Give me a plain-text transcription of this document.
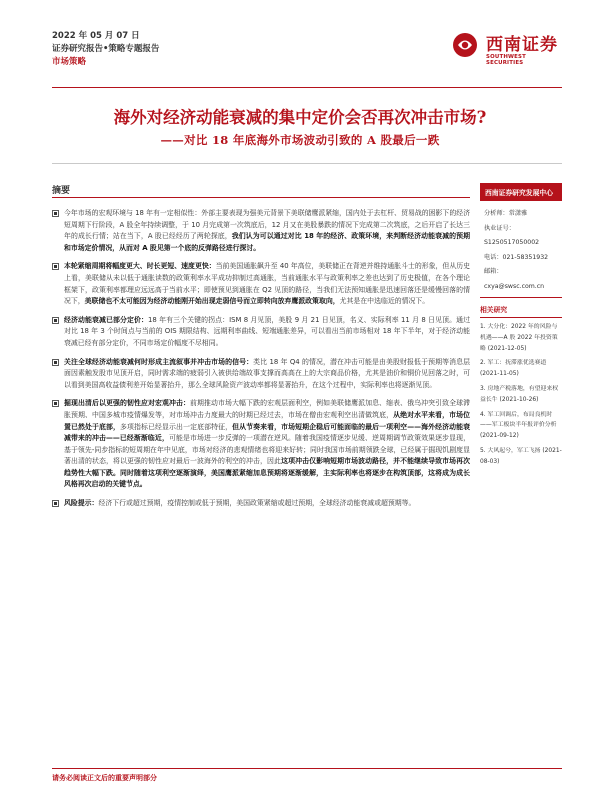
2022 年 05 月 07 日
证券研究报告•策略专题报告
市场策略
西南证券
SOUTHWEST SECURITIES
海外对经济动能衰减的集中定价会否再次冲击市场?
——对比 18 年底海外市场波动引致的 A 股最后一跌
摘要
今年市场的宏观环境与 18 年有一定相似性：外部主要表现为强美元背景下美联储鹰派紧缩，国内处于去杠杆、贸易战的困影下的经济短周期下行阶段，A 股全年持续调整，于 10 月完成第一次筑底后，12 月又在美股暴跌的情况下完成第二次筑底，之后开启了长达三年的成长行情；站在当下，A 股已经经历了两轮探底，我们认为可以通过对比 18 年的经济、政策环境，来判断经济动能衰减的预期和市场定价情况，从而对 A 股见第一个底的反弹路径进行探讨。
本轮紧缩周期将幅度更大、时长更短、速度更快：当前美国通胀飙升至 40 年高位，美联储正在背逆并维持通胀斗士的形象，但从历史上看，美联储从未以低于通胀读数的政策利率水平成功抑制过高通胀，当前通胀水平与政策利率之差也达到了历史极值，在各个理论框架下，政策利率都理应远远高于当前水平；即使预见到通胀在 Q2 见顶的路径，当我们无法预知通胀是迅速回落还是缓慢回落的情况下，美联储也不太可能因为经济动能刚开始出现走弱信号而立即转向放弃鹰派政策取向，尤其是在中选临近的情况下。
经济动能衰减已部分定价：18 年有三个关键的拐点：ISM 8 月见顶，美股 9 月 21 日见顶，名义、实际利率 11 月 8 日见顶。通过对比 18 年 3 个时间点与当前的 OIS 期限结构、远期利率曲线、短端通胀差异，可以看出当前市场相对 18 年下半年，对于经济动能衰减已经有部分定价，不同市场定价幅度不尽相同。
关注全球经济动能衰减何时形成主流叙事并冲击市场的信号：类比 18 年 Q4 的情况，潜在冲击可能是由美股财报低于预期等消息层面因素触发股市见顶开启，同时需求端的疲弱引入被供给端故事支撑而高高在上的大宗商品价格，尤其是油价和铜价见回落之时，可以看到美国高收益债利差开始显著抬升，那么全球风险资产波动率都将显著抬升，在这个过程中，实际利率也将逐渐见顶。
掘现出清后以更强的韧性应对宏观冲击：前期推动市场大幅下跌的宏观层面利空，例如美联储鹰派加息、缩表、俄乌冲突引致全球滞胀预期、中国多城市疫情爆发等，对市场冲击力度最大的时期已经过去，市场在僧由宏观利空出清做筑底，从绝对水平来看，市场位置已然处于底部，多项指标已经显示出一定底部特征，但从节奏来看，市场短期企稳后可能面临的最后一项利空——海外经济动能衰减带来的冲击——已经渐渐临近，可能是市场进一步反弹的一项潜在逆风。随着我国疫情逐步见缓、逆周期调节政策效果逐步显现，基于领先-同步指标的短周期在年中见底，市场对经济的悲观情绪也将迎来好转；同时我国市场前期领跌全球，已经属于掘现饥剧度显著出清的状态，将以更强的韧性应对最后一波海外的利空的冲击，因此这项冲击仅影响短期市场波动路径，并不能继续导致市场再次趋势性大幅下跌。同时随着这项利空逐渐演绎，美国鹰派紧缩加息预期将逐渐缓解，主实际利率也将逐步在构筑顶部，这将成为成长风格再次启动的关键节点。
风险提示：经济下行或超过预期，疫情控制或低于预期，美国政策紧缩或超过预期，全球经济动能衰减或超预期等。
西南证券研究发展中心
分析师：常潇雅
执业证号：S1250517050002
电话：021-58351932
邮箱：cxya@swsc.com.cn
相关研究
1. 大分化：2022 年的风险与机遇——A 股 2022 年投资策略 (2021-12-05)
2. 军工：抚滞涨优选赛道 (2021-11-05)
3. 房地产税落地，有望迎来权益长牛 (2021-10-26)
4. 军工回调后，布局良机时——军工板块半年报评价分析 (2021-09-12)
5. 大风起兮，军工飞扬 (2021-08-03)
请务必阅读正文后的重要声明部分
